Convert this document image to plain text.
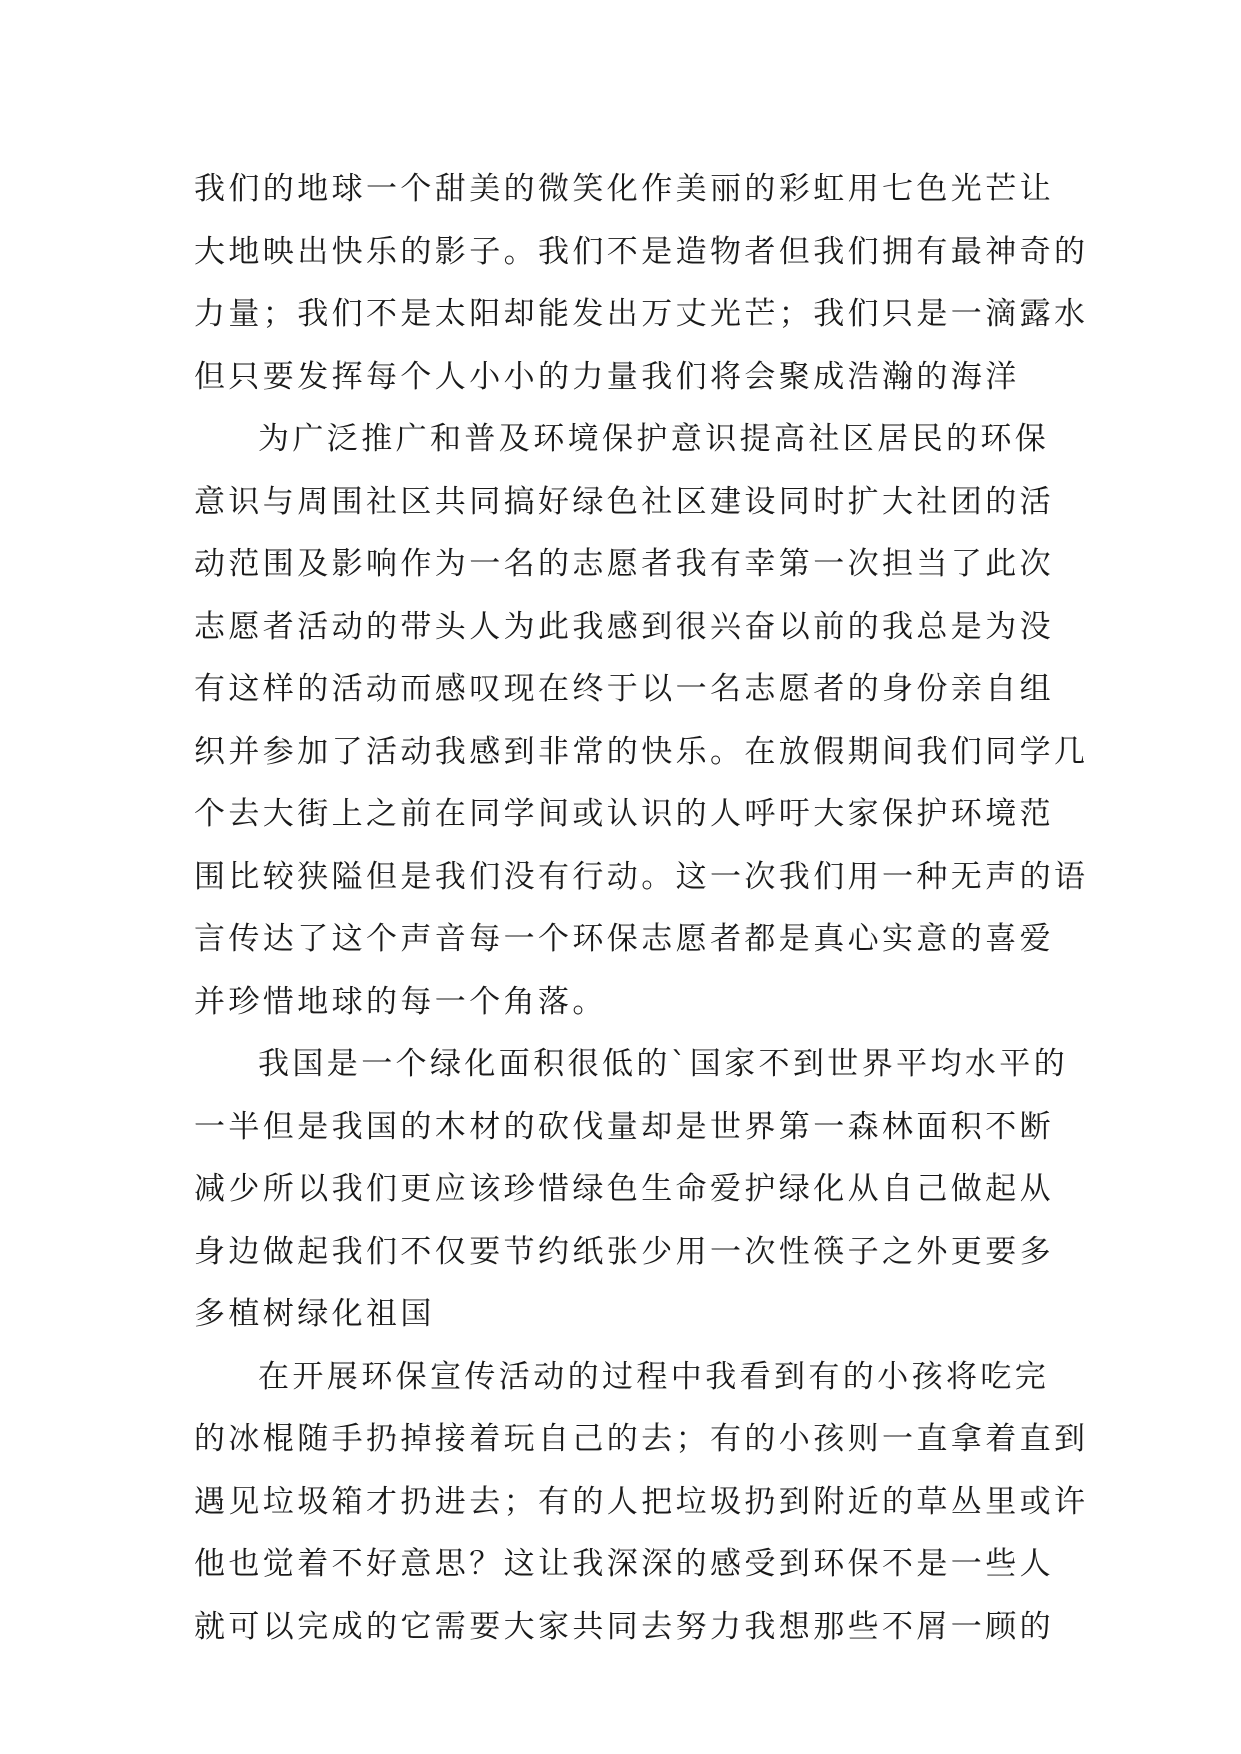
我们的地球一个甜美的微笑化作美丽的彩虹用七色光芒让
大地映出快乐的影子。我们不是造物者但我们拥有最神奇的
力量；我们不是太阳却能发出万丈光芒；我们只是一滴露水
但只要发挥每个人小小的力量我们将会聚成浩瀚的海洋
为广泛推广和普及环境保护意识提高社区居民的环保
意识与周围社区共同搞好绿色社区建设同时扩大社团的活
动范围及影响作为一名的志愿者我有幸第一次担当了此次
志愿者活动的带头人为此我感到很兴奋以前的我总是为没
有这样的活动而感叹现在终于以一名志愿者的身份亲自组
织并参加了活动我感到非常的快乐。在放假期间我们同学几
个去大街上之前在同学间或认识的人呼吁大家保护环境范
围比较狭隘但是我们没有行动。这一次我们用一种无声的语
言传达了这个声音每一个环保志愿者都是真心实意的喜爱
并珍惜地球的每一个角落。
我国是一个绿化面积很低的`国家不到世界平均水平的
一半但是我国的木材的砍伐量却是世界第一森林面积不断
减少所以我们更应该珍惜绿色生命爱护绿化从自己做起从
身边做起我们不仅要节约纸张少用一次性筷子之外更要多
多植树绿化祖国
在开展环保宣传活动的过程中我看到有的小孩将吃完
的冰棍随手扔掉接着玩自己的去；有的小孩则一直拿着直到
遇见垃圾箱才扔进去；有的人把垃圾扔到附近的草丛里或许
他也觉着不好意思？这让我深深的感受到环保不是一些人
就可以完成的它需要大家共同去努力我想那些不屑一顾的
